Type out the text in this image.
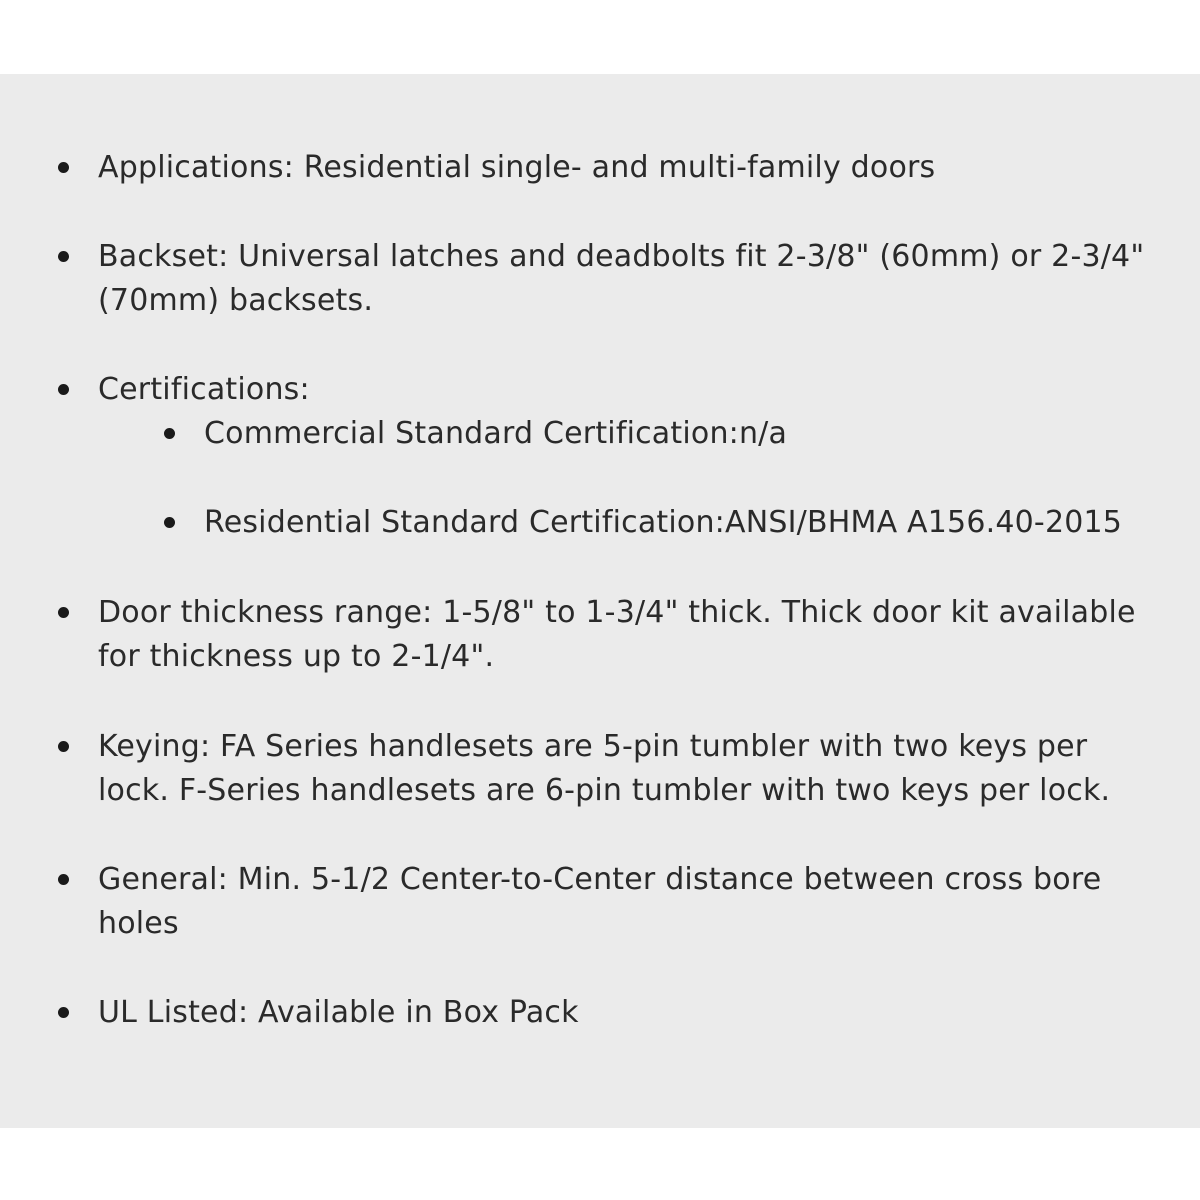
Applications: Residential single- and multi-family doors
Backset: Universal latches and deadbolts fit 2-3/8" (60mm) or 2-3/4" (70mm) backsets.
Certifications:
Commercial Standard Certification:n/a
Residential Standard Certification:ANSI/BHMA A156.40-2015
Door thickness range: 1-5/8" to 1-3/4" thick. Thick door kit available for thickness up to 2-1/4".
Keying: FA Series handlesets are 5-pin tumbler with two keys per lock. F-Series handlesets are 6-pin tumbler with two keys per lock.
General: Min. 5-1/2 Center-to-Center distance between cross bore holes
UL Listed: Available in Box Pack
